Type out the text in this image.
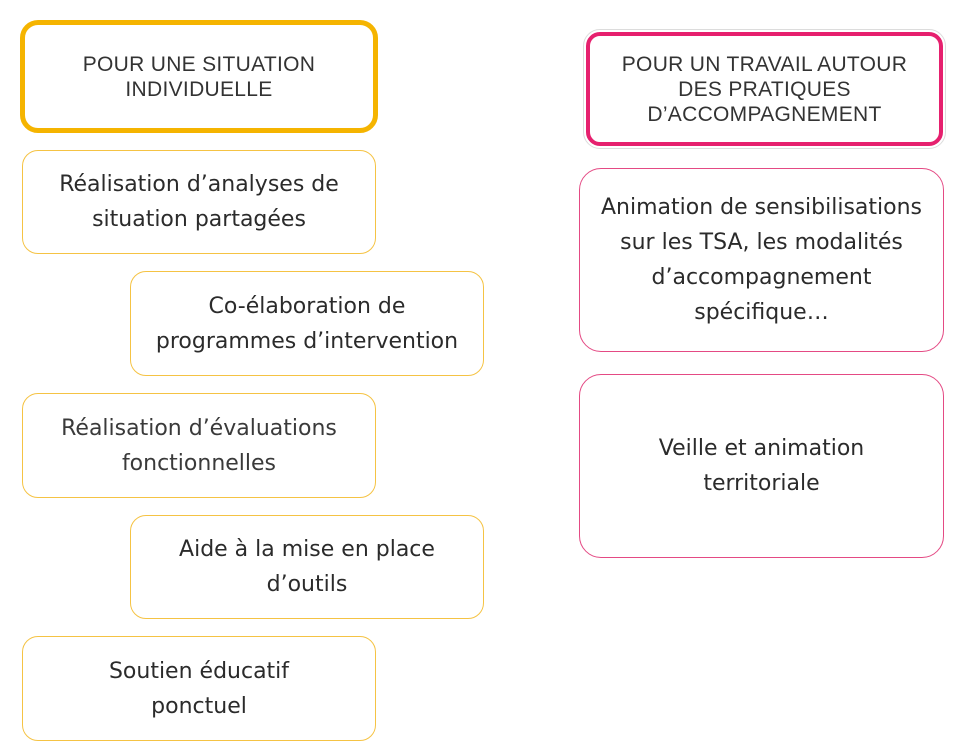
POUR UNE SITUATION
INDIVIDUELLE
Réalisation d’analyses de
situation partagées
Co-élaboration de
programmes d’intervention
Réalisation d’évaluations
fonctionnelles
Aide à la mise en place
d’outils
Soutien éducatif
ponctuel
POUR UN TRAVAIL AUTOUR
DES PRATIQUES
D’ACCOMPAGNEMENT
Animation de sensibilisations
sur les TSA, les modalités
d’accompagnement
spécifique…
Veille et animation
territoriale
